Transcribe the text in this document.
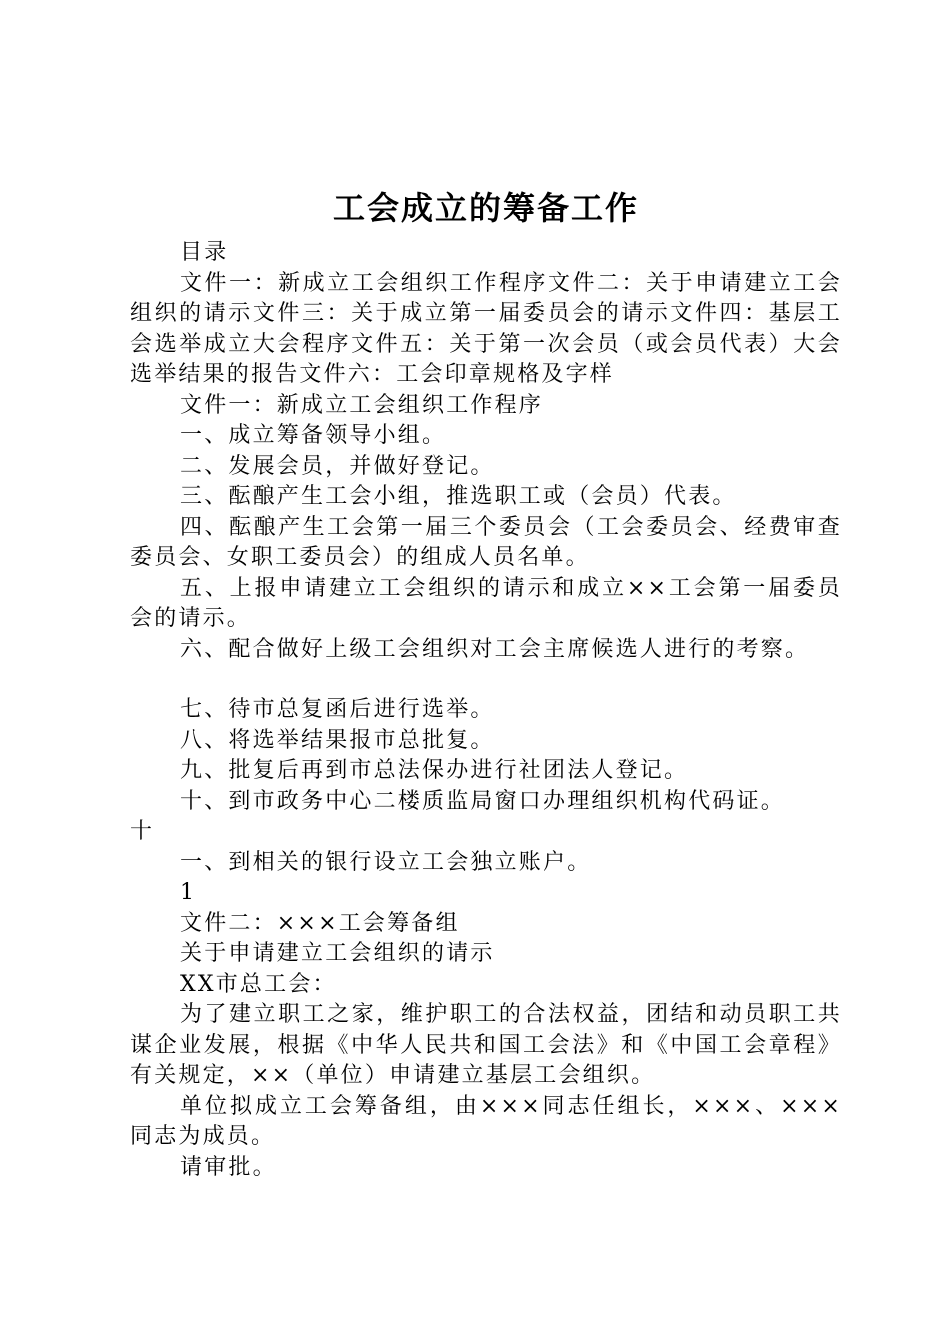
工会成立的筹备工作

目录

文件一：新成立工会组织工作程序文件二：关于申请建立工会组织的请示文件三：关于成立第一届委员会的请示文件四：基层工会选举成立大会程序文件五：关于第一次会员（或会员代表）大会选举结果的报告文件六：工会印章规格及字样

文件一：新成立工会组织工作程序

一、成立筹备领导小组。

二、发展会员，并做好登记。

三、酝酿产生工会小组，推选职工或（会员）代表。

四、酝酿产生工会第一届三个委员会（工会委员会、经费审查委员会、女职工委员会）的组成人员名单。

五、上报申请建立工会组织的请示和成立××工会第一届委员会的请示。

六、配合做好上级工会组织对工会主席候选人进行的考察。

七、待市总复函后进行选举。

八、将选举结果报市总批复。

九、批复后再到市总法保办进行社团法人登记。

十、到市政务中心二楼质监局窗口办理组织机构代码证。

十

一、到相关的银行设立工会独立账户。

1

文件二：×××工会筹备组

关于申请建立工会组织的请示

XX市总工会：

为了建立职工之家，维护职工的合法权益，团结和动员职工共谋企业发展，根据《中华人民共和国工会法》和《中国工会章程》有关规定，××（单位）申请建立基层工会组织。

单位拟成立工会筹备组，由×××同志任组长，×××、×××同志为成员。

请审批。
